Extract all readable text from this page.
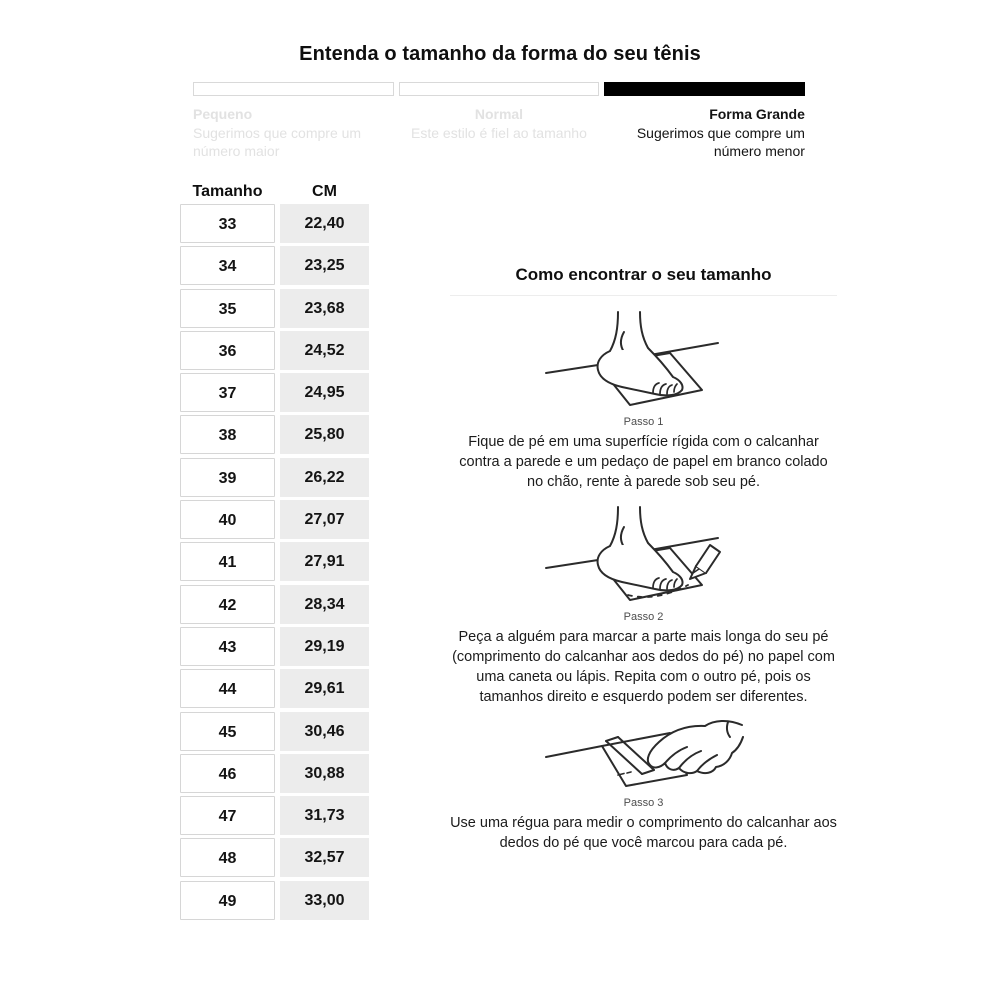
Entenda o tamanho da forma do seu tênis
Pequeno
Sugerimos que compre um número maior
Normal
Este estilo é fiel ao tamanho
Forma Grande
Sugerimos que compre um número menor
Tamanho	CM
33	22,40
34	23,25
35	23,68
36	24,52
37	24,95
38	25,80
39	26,22
40	27,07
41	27,91
42	28,34
43	29,19
44	29,61
45	30,46
46	30,88
47	31,73
48	32,57
49	33,00
Como encontrar o seu tamanho
Passo 1
Fique de pé em uma superfície rígida com o calcanhar contra a parede e um pedaço de papel em branco colado no chão, rente à parede sob seu pé.
Passo 2
Peça a alguém para marcar a parte mais longa do seu pé (comprimento do calcanhar aos dedos do pé) no papel com uma caneta ou lápis. Repita com o outro pé, pois os tamanhos direito e esquerdo podem ser diferentes.
Passo 3
Use uma régua para medir o comprimento do calcanhar aos dedos do pé que você marcou para cada pé.
